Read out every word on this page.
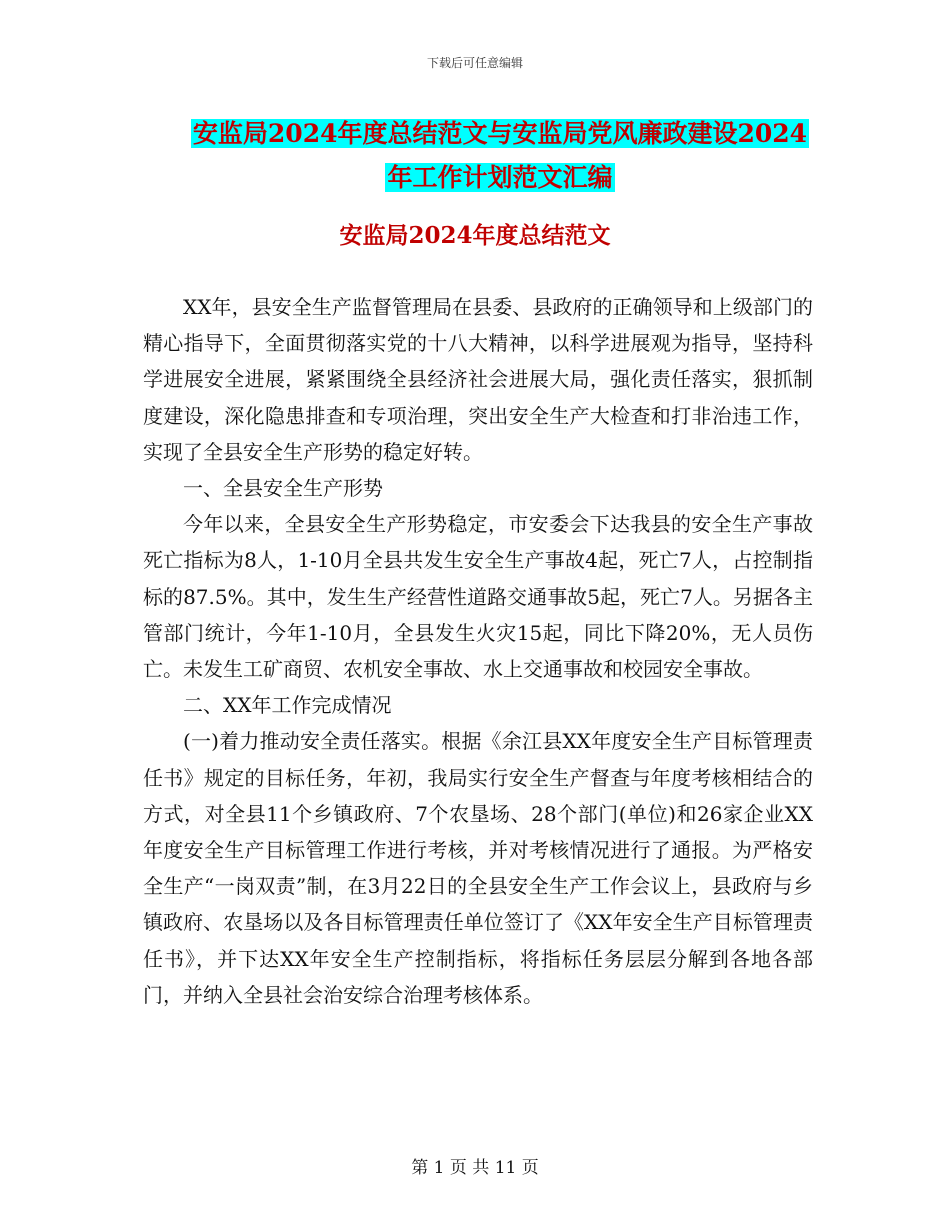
下载后可任意编辑
安监局2024年度总结范文与安监局党风廉政建设2024
年工作计划范文汇编
安监局2024年度总结范文

XX年，县安全生产监督管理局在县委、县政府的正确领导和上级部门的精心指导下，全面贯彻落实党的十八大精神，以科学进展观为指导，坚持科学进展安全进展，紧紧围绕全县经济社会进展大局，强化责任落实，狠抓制度建设，深化隐患排查和专项治理，突出安全生产大检查和打非治违工作，实现了全县安全生产形势的稳定好转。

一、全县安全生产形势

今年以来，全县安全生产形势稳定，市安委会下达我县的安全生产事故死亡指标为8人，1-10月全县共发生安全生产事故4起，死亡7人，占控制指标的87.5%。其中，发生生产经营性道路交通事故5起，死亡7人。另据各主管部门统计，今年1-10月，全县发生火灾15起，同比下降20%，无人员伤亡。未发生工矿商贸、农机安全事故、水上交通事故和校园安全事故。

二、XX年工作完成情况

(一)着力推动安全责任落实。根据《余江县XX年度安全生产目标管理责任书》规定的目标任务，年初，我局实行安全生产督查与年度考核相结合的方式，对全县11个乡镇政府、7个农垦场、28个部门(单位)和26家企业XX年度安全生产目标管理工作进行考核，并对考核情况进行了通报。为严格安全生产“一岗双责”制，在3月22日的全县安全生产工作会议上，县政府与乡镇政府、农垦场以及各目标管理责任单位签订了《XX年安全生产目标管理责任书》，并下达XX年安全生产控制指标，将指标任务层层分解到各地各部门，并纳入全县社会治安综合治理考核体系。

第 1 页 共 11 页
